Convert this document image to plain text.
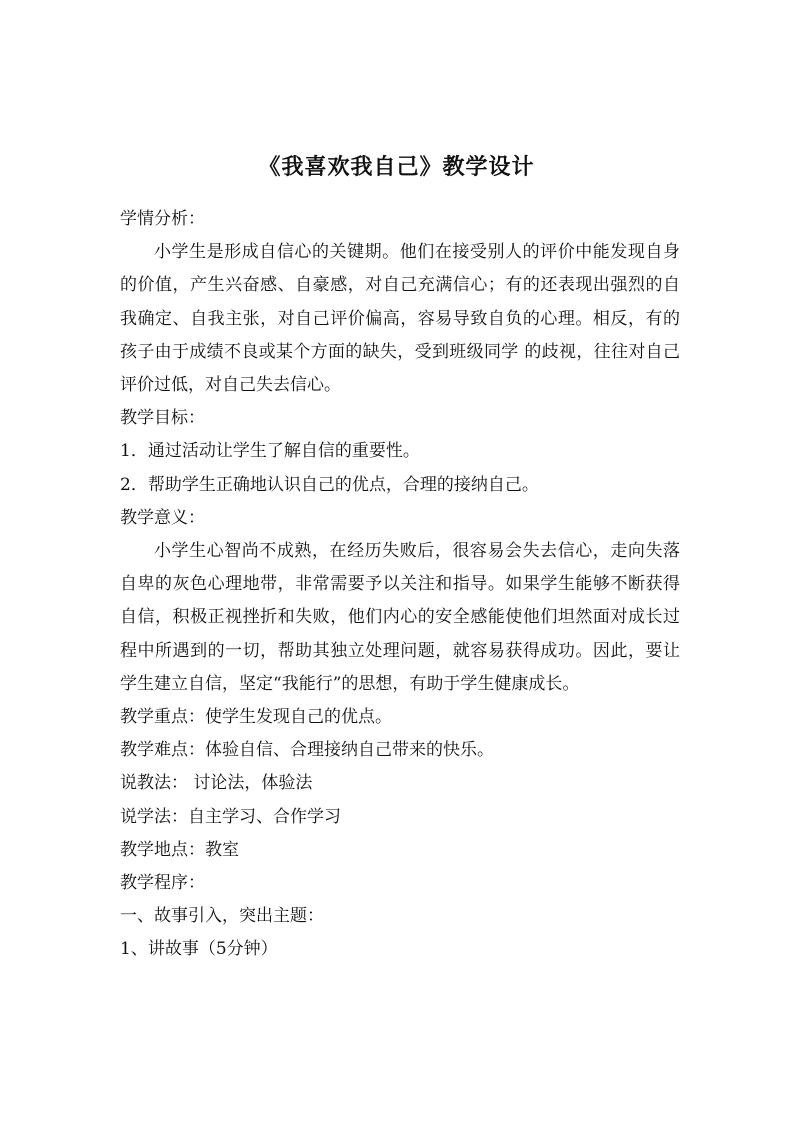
《我喜欢我自己》教学设计

学情分析：

小学生是形成自信心的关键期。他们在接受别人的评价中能发现自身的价值，产生兴奋感、自豪感，对自己充满信心；有的还表现出强烈的自我确定、自我主张，对自己评价偏高，容易导致自负的心理。相反，有的孩子由于成绩不良或某个方面的缺失，受到班级同学 的歧视，往往对自己评价过低，对自己失去信心。

教学目标：

1．通过活动让学生了解自信的重要性。

2．帮助学生正确地认识自己的优点，合理的接纳自己。

教学意义：

小学生心智尚不成熟，在经历失败后，很容易会失去信心，走向失落自卑的灰色心理地带，非常需要予以关注和指导。如果学生能够不断获得自信，积极正视挫折和失败，他们内心的安全感能使他们坦然面对成长过程中所遇到的一切，帮助其独立处理问题，就容易获得成功。因此，要让学生建立自信，坚定“我能行”的思想，有助于学生健康成长。

教学重点：使学生发现自己的优点。

教学难点：体验自信、合理接纳自己带来的快乐。

说教法： 讨论法，体验法

说学法：自主学习、合作学习

教学地点：教室

教学程序：

一、故事引入，突出主题：

1、讲故事（5分钟）
